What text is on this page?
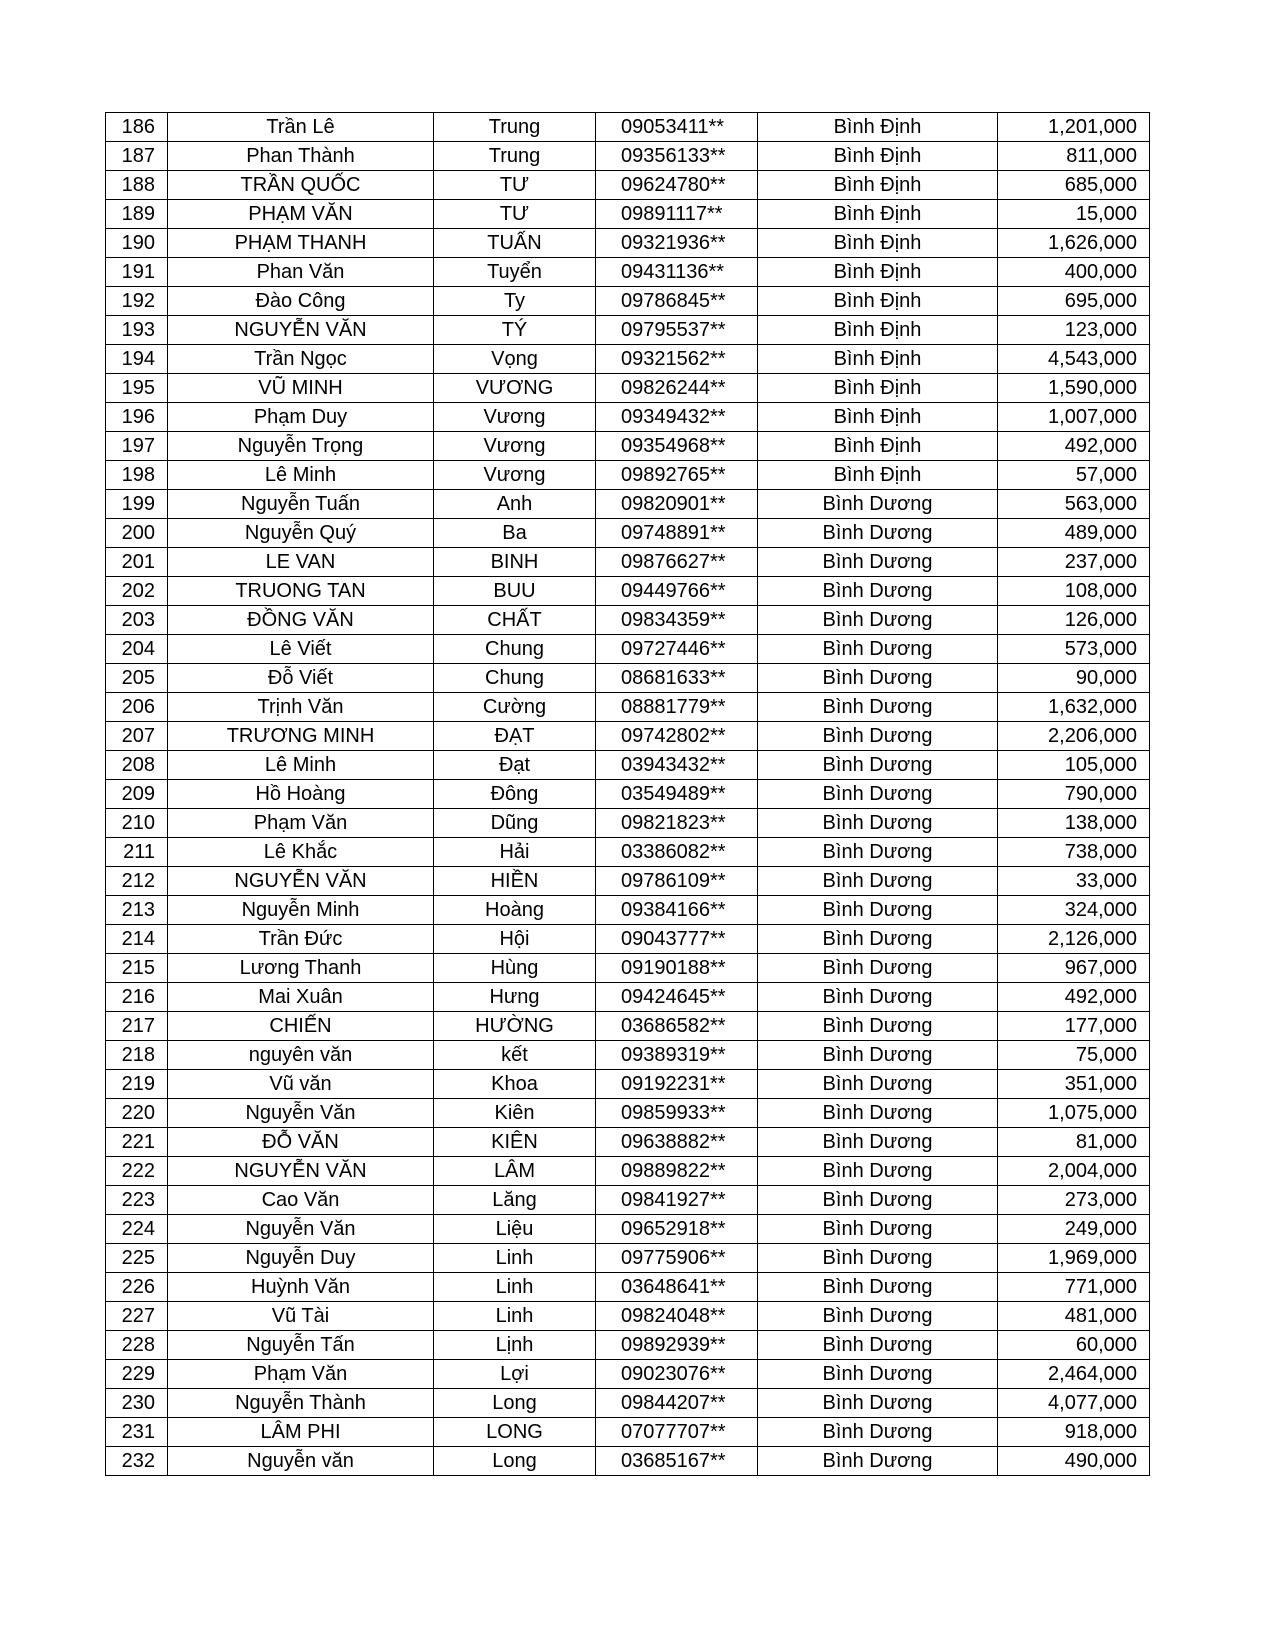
186	Trần Lê	Trung	09053411**	Bình Định	1,201,000
187	Phan Thành	Trung	09356133**	Bình Định	811,000
188	TRẦN QUỐC	TƯ	09624780**	Bình Định	685,000
189	PHẠM VĂN	TƯ	09891117**	Bình Định	15,000
190	PHẠM THANH	TUẤN	09321936**	Bình Định	1,626,000
191	Phan Văn	Tuyển	09431136**	Bình Định	400,000
192	Đào Công	Ty	09786845**	Bình Định	695,000
193	NGUYỄN VĂN	TÝ	09795537**	Bình Định	123,000
194	Trần Ngọc	Vọng	09321562**	Bình Định	4,543,000
195	VŨ MINH	VƯƠNG	09826244**	Bình Định	1,590,000
196	Phạm Duy	Vương	09349432**	Bình Định	1,007,000
197	Nguyễn Trọng	Vương	09354968**	Bình Định	492,000
198	Lê Minh	Vương	09892765**	Bình Định	57,000
199	Nguyễn Tuấn	Anh	09820901**	Bình Dương	563,000
200	Nguyễn Quý	Ba	09748891**	Bình Dương	489,000
201	LE VAN	BINH	09876627**	Bình Dương	237,000
202	TRUONG TAN	BUU	09449766**	Bình Dương	108,000
203	ĐỒNG VĂN	CHẤT	09834359**	Bình Dương	126,000
204	Lê Viết	Chung	09727446**	Bình Dương	573,000
205	Đỗ Viết	Chung	08681633**	Bình Dương	90,000
206	Trịnh Văn	Cường	08881779**	Bình Dương	1,632,000
207	TRƯƠNG MINH	ĐẠT	09742802**	Bình Dương	2,206,000
208	Lê Minh	Đạt	03943432**	Bình Dương	105,000
209	Hồ Hoàng	Đông	03549489**	Bình Dương	790,000
210	Phạm Văn	Dũng	09821823**	Bình Dương	138,000
211	Lê Khắc	Hải	03386082**	Bình Dương	738,000
212	NGUYỄN VĂN	HIỀN	09786109**	Bình Dương	33,000
213	Nguyễn Minh	Hoàng	09384166**	Bình Dương	324,000
214	Trần Đức	Hội	09043777**	Bình Dương	2,126,000
215	Lương Thanh	Hùng	09190188**	Bình Dương	967,000
216	Mai Xuân	Hưng	09424645**	Bình Dương	492,000
217	CHIẾN	HƯỜNG	03686582**	Bình Dương	177,000
218	nguyên văn	kết	09389319**	Bình Dương	75,000
219	Vũ văn	Khoa	09192231**	Bình Dương	351,000
220	Nguyễn Văn	Kiên	09859933**	Bình Dương	1,075,000
221	ĐỖ VĂN	KIÊN	09638882**	Bình Dương	81,000
222	NGUYỄN VĂN	LÂM	09889822**	Bình Dương	2,004,000
223	Cao Văn	Lăng	09841927**	Bình Dương	273,000
224	Nguyễn Văn	Liệu	09652918**	Bình Dương	249,000
225	Nguyễn Duy	Linh	09775906**	Bình Dương	1,969,000
226	Huỳnh Văn	Linh	03648641**	Bình Dương	771,000
227	Vũ Tài	Linh	09824048**	Bình Dương	481,000
228	Nguyễn Tấn	Lịnh	09892939**	Bình Dương	60,000
229	Phạm Văn	Lợi	09023076**	Bình Dương	2,464,000
230	Nguyễn Thành	Long	09844207**	Bình Dương	4,077,000
231	LÂM PHI	LONG	07077707**	Bình Dương	918,000
232	Nguyễn văn	Long	03685167**	Bình Dương	490,000
